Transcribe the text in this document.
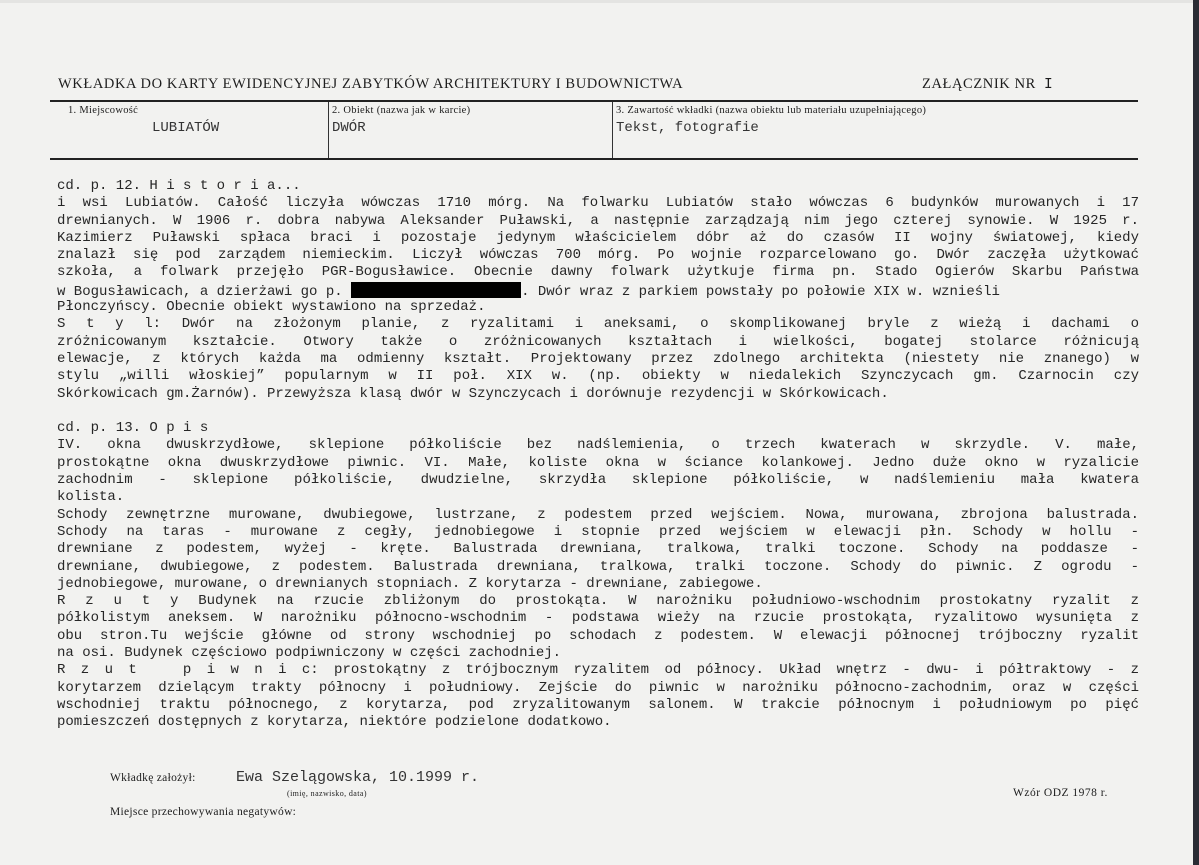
WKŁADKA DO KARTY EWIDENCYJNEJ ZABYTKÓW ARCHITEKTURY I BUDOWNICTWA	ZAŁĄCZNIK NR I
1. Miejscowość
LUBIATÓW
2. Obiekt (nazwa jak w karcie)
DWÓR
3. Zawartość wkładki (nazwa obiektu lub materiału uzupełniającego)
Tekst, fotografie
cd. p. 12. H i s t o r i a...
i wsi Lubiatów. Całość liczyła wówczas 1710 mórg. Na folwarku Lubiatów stało wówczas 6 budynków murowanych i 17
drewnianych. W 1906 r. dobra nabywa Aleksander Puławski, a następnie zarządzają nim jego czterej synowie. W 1925 r.
Kazimierz Puławski spłaca braci i pozostaje jedynym właścicielem dóbr aż do czasów II wojny światowej, kiedy
znalazł się pod zarządem niemieckim. Liczył wówczas 700 mórg. Po wojnie rozparcelowano go. Dwór zaczęła użytkować
szkoła, a folwark przejęło PGR-Bogusławice. Obecnie dawny folwark użytkuje firma pn. Stado Ogierów Skarbu Państwa
w Bogusławicach, a dzierżawi go p.	. Dwór wraz z parkiem powstały po połowie XIX w. wznieśli
Płonczyńscy. Obecnie obiekt wystawiono na sprzedaż.
S t y l: Dwór na złożonym planie, z ryzalitami i aneksami, o skomplikowanej bryle z wieżą i dachami o
zróżnicowanym kształcie. Otwory także o zróżnicowanych kształtach i wielkości, bogatej stolarce różnicują
elewacje, z których każda ma odmienny kształt. Projektowany przez zdolnego architekta (niestety nie znanego) w
stylu „willi włoskiej” popularnym w II poł. XIX w. (np. obiekty w niedalekich Szynczycach gm. Czarnocin czy
Skórkowicach gm.Żarnów). Przewyższa klasą dwór w Szynczycach i dorównuje rezydencji w Skórkowicach.
cd. p. 13. O p i s
IV. okna dwuskrzydłowe, sklepione półkoliście bez nadślemienia, o trzech kwaterach w skrzydle. V. małe,
prostokątne okna dwuskrzydłowe piwnic. VI. Małe, koliste okna w ściance kolankowej. Jedno duże okno w ryzalicie
zachodnim - sklepione półkoliście, dwudzielne, skrzydła sklepione półkoliście, w nadślemieniu mała kwatera
kolista.
Schody zewnętrzne murowane, dwubiegowe, lustrzane, z podestem przed wejściem. Nowa, murowana, zbrojona balustrada.
Schody na taras - murowane z cegły, jednobiegowe i stopnie przed wejściem w elewacji płn. Schody w hollu -
drewniane z podestem, wyżej - kręte. Balustrada drewniana, tralkowa, tralki toczone. Schody na poddasze -
drewniane, dwubiegowe, z podestem. Balustrada drewniana, tralkowa, tralki toczone. Schody do piwnic. Z ogrodu -
jednobiegowe, murowane, o drewnianych stopniach. Z korytarza - drewniane, zabiegowe.
R z u t y Budynek na rzucie zbliżonym do prostokąta. W narożniku południowo-wschodnim prostokatny ryzalit z
półkolistym aneksem. W narożniku północno-wschodnim - podstawa wieży na rzucie prostokąta, ryzalitowo wysunięta z
obu stron.Tu wejście główne od strony wschodniej po schodach z podestem. W elewacji północnej trójboczny ryzalit
na osi. Budynek częściowo podpiwniczony w części zachodniej.
R z u t   p i w n i c: prostokątny z trójbocznym ryzalitem od północy. Układ wnętrz - dwu- i półtraktowy - z
korytarzem dzielącym trakty północny i południowy. Zejście do piwnic w narożniku północno-zachodnim, oraz w części
wschodniej traktu północnego, z korytarza, pod zryzalitowanym salonem. W trakcie północnym i południowym po pięć
pomieszczeń dostępnych z korytarza, niektóre podzielone dodatkowo.
Wkładkę założył:	Ewa Szelągowska, 10.1999 r.
(imię, nazwisko, data)
Miejsce przechowywania negatywów:
Wzór ODZ 1978 r.
